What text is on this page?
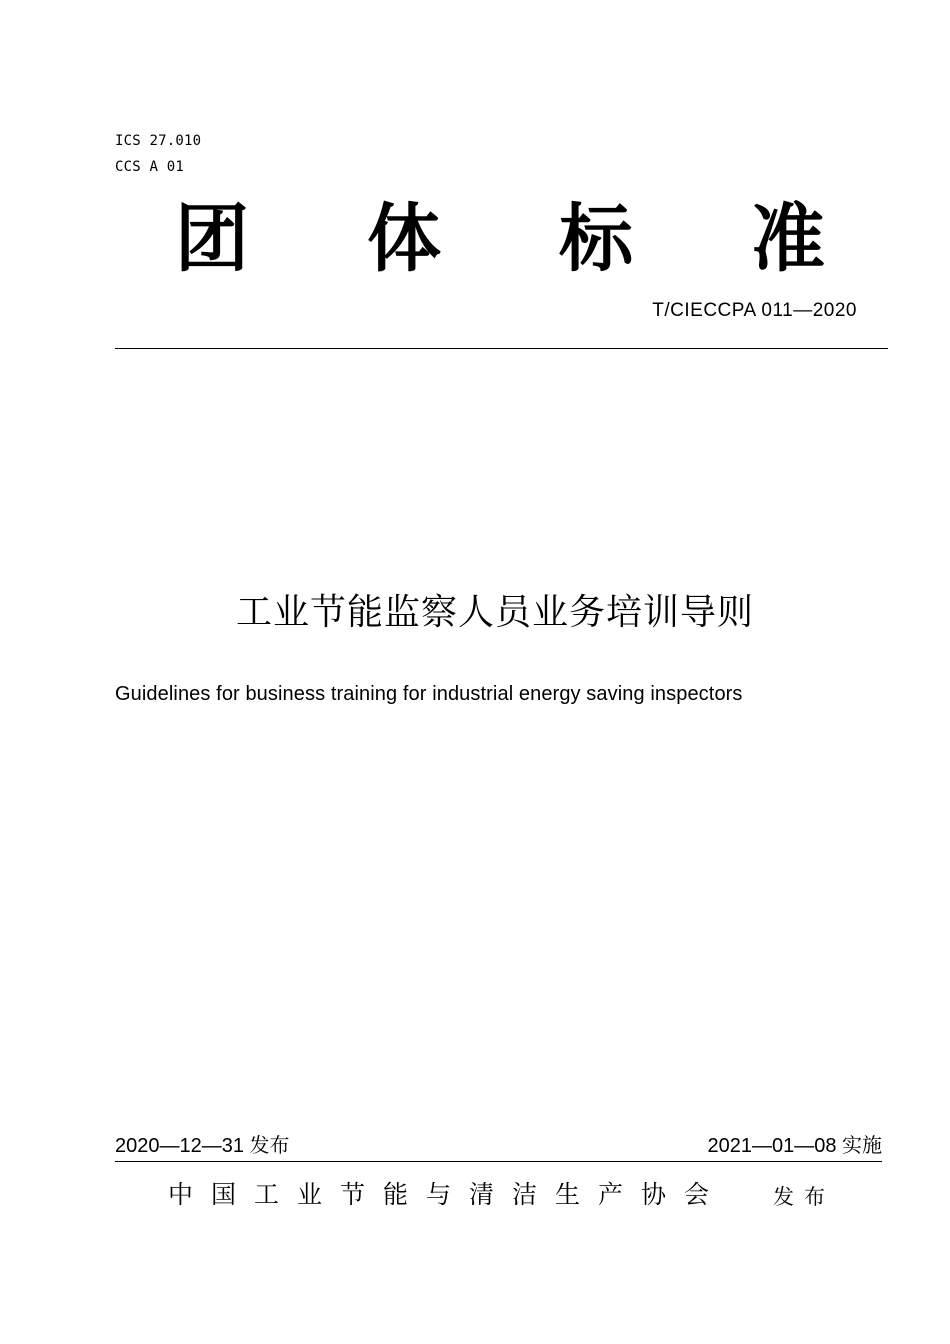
ICS 27.010
CCS A 01
团	体	标	准
T/CIECCPA 011—2020
工业节能监察人员业务培训导则
Guidelines for business training for industrial energy saving inspectors
2020—12—31 发布	2021—01—08 实施
中国工业节能与清洁生产协会 发布
